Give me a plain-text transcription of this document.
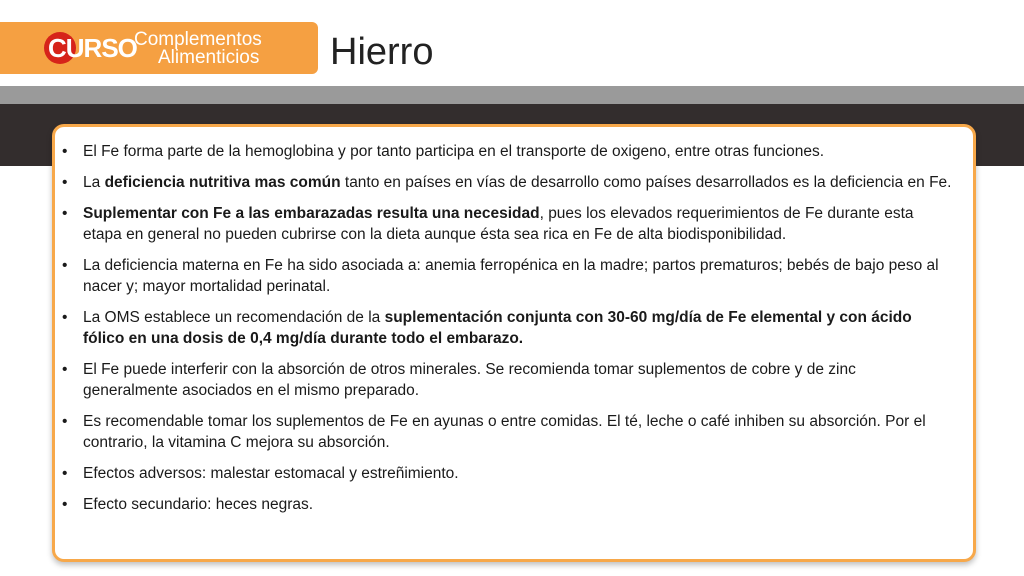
CURSO
Complementos
Alimenticios Hierro
• El Fe forma parte de la hemoglobina y por tanto participa en el transporte de oxigeno, entre otras funciones.
• La deficiencia nutritiva mas común tanto en países en vías de desarrollo como países desarrollados es la deficiencia en Fe.
• Suplementar con Fe a las embarazadas resulta una necesidad, pues los elevados requerimientos de Fe durante esta etapa en general no pueden cubrirse con la dieta aunque ésta sea rica en Fe de alta biodisponibilidad.
• La deficiencia materna en Fe ha sido asociada a: anemia ferropénica en la madre; partos prematuros; bebés de bajo peso al nacer y; mayor mortalidad perinatal.
• La OMS establece un recomendación de la suplementación conjunta con 30-60 mg/día de Fe elemental y con ácido fólico en una dosis de 0,4 mg/día durante todo el embarazo.
• El Fe puede interferir con la absorción de otros minerales. Se recomienda tomar suplementos de cobre y de zinc generalmente asociados en el mismo preparado.
• Es recomendable tomar los suplementos de Fe en ayunas o entre comidas. El té, leche o café inhiben su absorción. Por el contrario, la vitamina C mejora su absorción.
• Efectos adversos: malestar estomacal y estreñimiento.
• Efecto secundario: heces negras.
